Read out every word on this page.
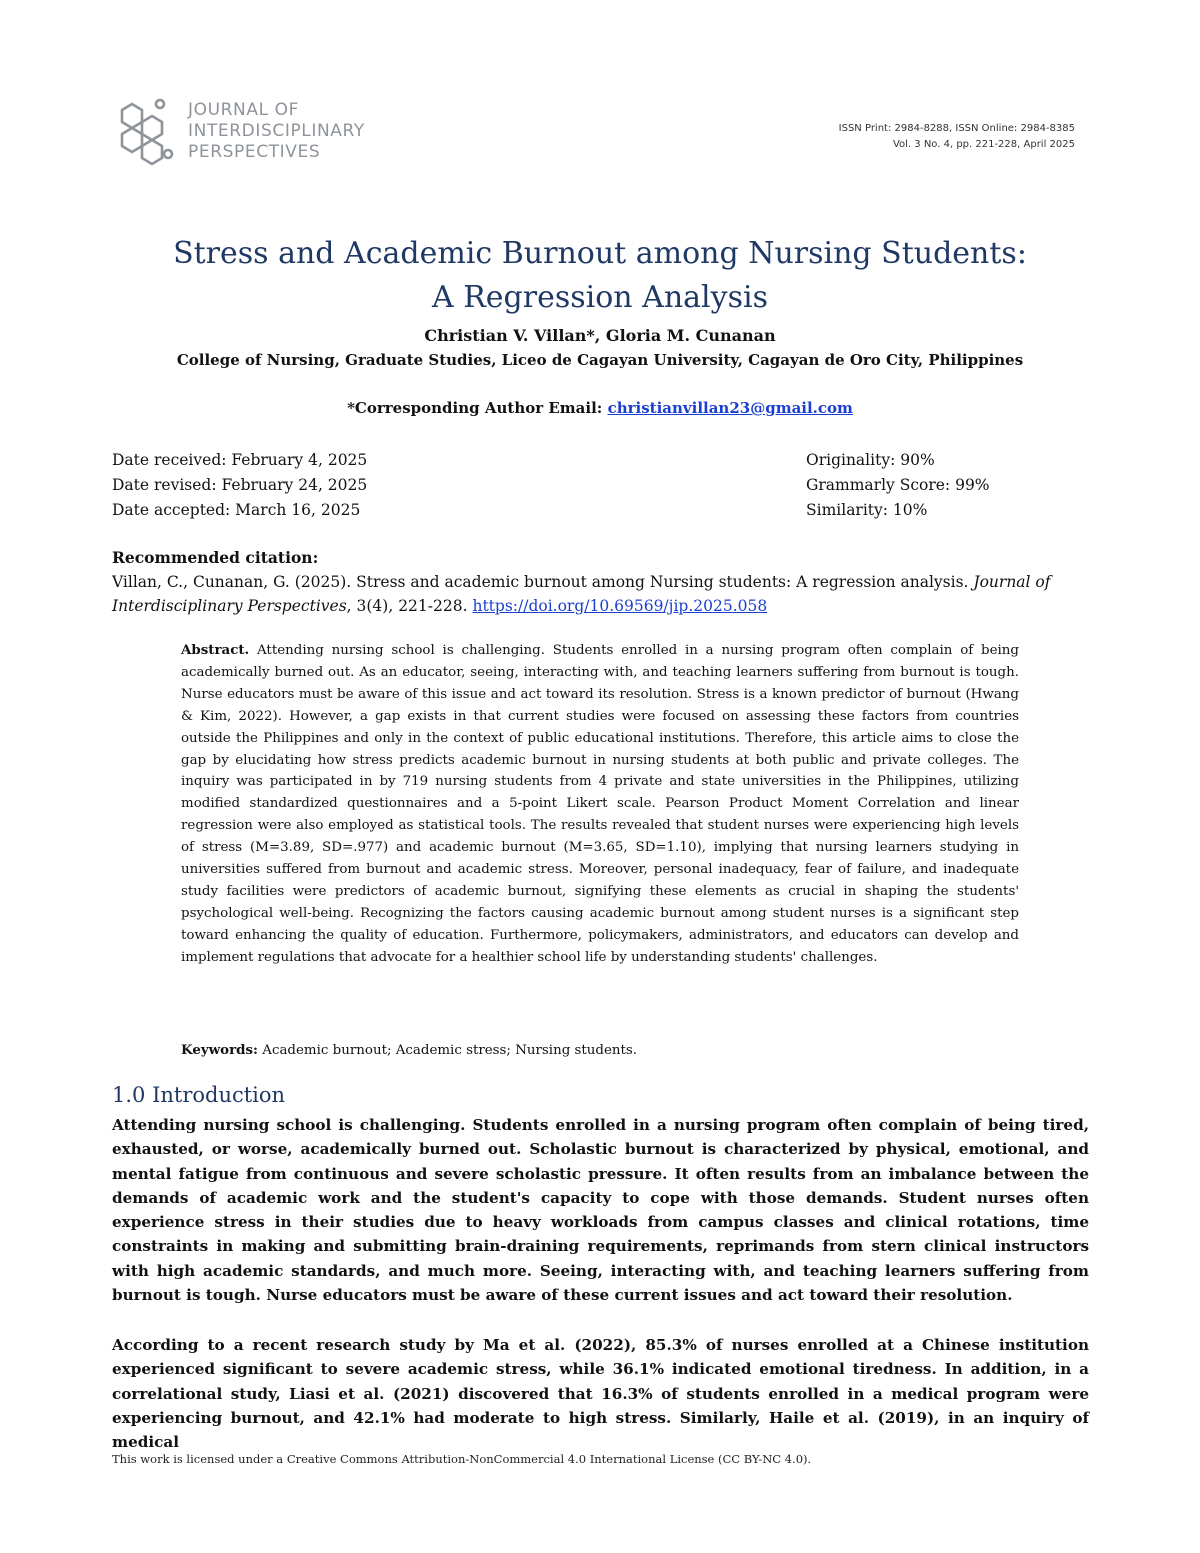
JOURNAL OF
INTERDISCIPLINARY
PERSPECTIVES
ISSN Print: 2984-8288, ISSN Online: 2984-8385
Vol. 3 No. 4, pp. 221-228, April 2025
Stress and Academic Burnout among Nursing Students:
A Regression Analysis
Christian V. Villan*, Gloria M. Cunanan
College of Nursing, Graduate Studies, Liceo de Cagayan University, Cagayan de Oro City, Philippines
*Corresponding Author Email: christianvillan23@gmail.com
Date received: February 4, 2025
Date revised: February 24, 2025
Date accepted: March 16, 2025
Originality: 90%
Grammarly Score: 99%
Similarity: 10%
Recommended citation:
Villan, C., Cunanan, G. (2025). Stress and academic burnout among Nursing students: A regression analysis. Journal of Interdisciplinary Perspectives, 3(4), 221-228. https://doi.org/10.69569/jip.2025.058
Abstract. Attending nursing school is challenging. Students enrolled in a nursing program often complain of being academically burned out. As an educator, seeing, interacting with, and teaching learners suffering from burnout is tough. Nurse educators must be aware of this issue and act toward its resolution. Stress is a known predictor of burnout (Hwang & Kim, 2022). However, a gap exists in that current studies were focused on assessing these factors from countries outside the Philippines and only in the context of public educational institutions. Therefore, this article aims to close the gap by elucidating how stress predicts academic burnout in nursing students at both public and private colleges. The inquiry was participated in by 719 nursing students from 4 private and state universities in the Philippines, utilizing modified standardized questionnaires and a 5-point Likert scale. Pearson Product Moment Correlation and linear regression were also employed as statistical tools. The results revealed that student nurses were experiencing high levels of stress (M=3.89, SD=.977) and academic burnout (M=3.65, SD=1.10), implying that nursing learners studying in universities suffered from burnout and academic stress. Moreover, personal inadequacy, fear of failure, and inadequate study facilities were predictors of academic burnout, signifying these elements as crucial in shaping the students' psychological well-being. Recognizing the factors causing academic burnout among student nurses is a significant step toward enhancing the quality of education. Furthermore, policymakers, administrators, and educators can develop and implement regulations that advocate for a healthier school life by understanding students' challenges.
Keywords: Academic burnout; Academic stress; Nursing students.
1.0 Introduction
Attending nursing school is challenging. Students enrolled in a nursing program often complain of being tired, exhausted, or worse, academically burned out. Scholastic burnout is characterized by physical, emotional, and mental fatigue from continuous and severe scholastic pressure. It often results from an imbalance between the demands of academic work and the student's capacity to cope with those demands. Student nurses often experience stress in their studies due to heavy workloads from campus classes and clinical rotations, time constraints in making and submitting brain-draining requirements, reprimands from stern clinical instructors with high academic standards, and much more. Seeing, interacting with, and teaching learners suffering from burnout is tough. Nurse educators must be aware of these current issues and act toward their resolution.
According to a recent research study by Ma et al. (2022), 85.3% of nurses enrolled at a Chinese institution experienced significant to severe academic stress, while 36.1% indicated emotional tiredness. In addition, in a correlational study, Liasi et al. (2021) discovered that 16.3% of students enrolled in a medical program were experiencing burnout, and 42.1% had moderate to high stress. Similarly, Haile et al. (2019), in an inquiry of medical
This work is licensed under a Creative Commons Attribution-NonCommercial 4.0 International License (CC BY-NC 4.0).
